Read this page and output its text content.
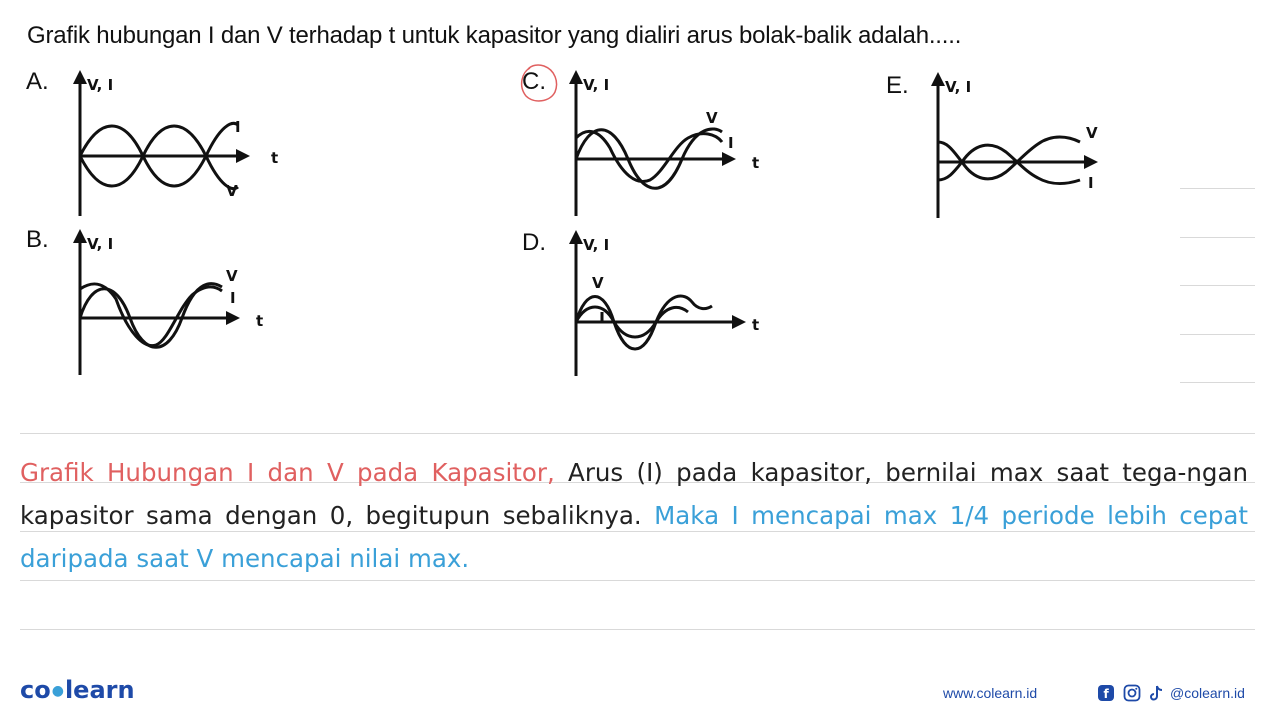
Grafik hubungan I dan V terhadap t untuk kapasitor yang dialiri arus bolak-balik adalah.....
A.	V, I
I
t
V
B.	V, I
V
I
t
C. V, I
V
I
t
D. V, I
V
t
E. V, I
V
I
Grafik Hubungan I dan V pada Kapasitor, Arus (I) pada kapasitor, bernilai max saat tega-ngan kapasitor sama dengan 0, begitupun sebaliknya. Maka I mencapai max 1/4 periode lebih cepat daripada saat V mencapai nilai max.
co●learn	www.colearn.id	f	@colearn.id
